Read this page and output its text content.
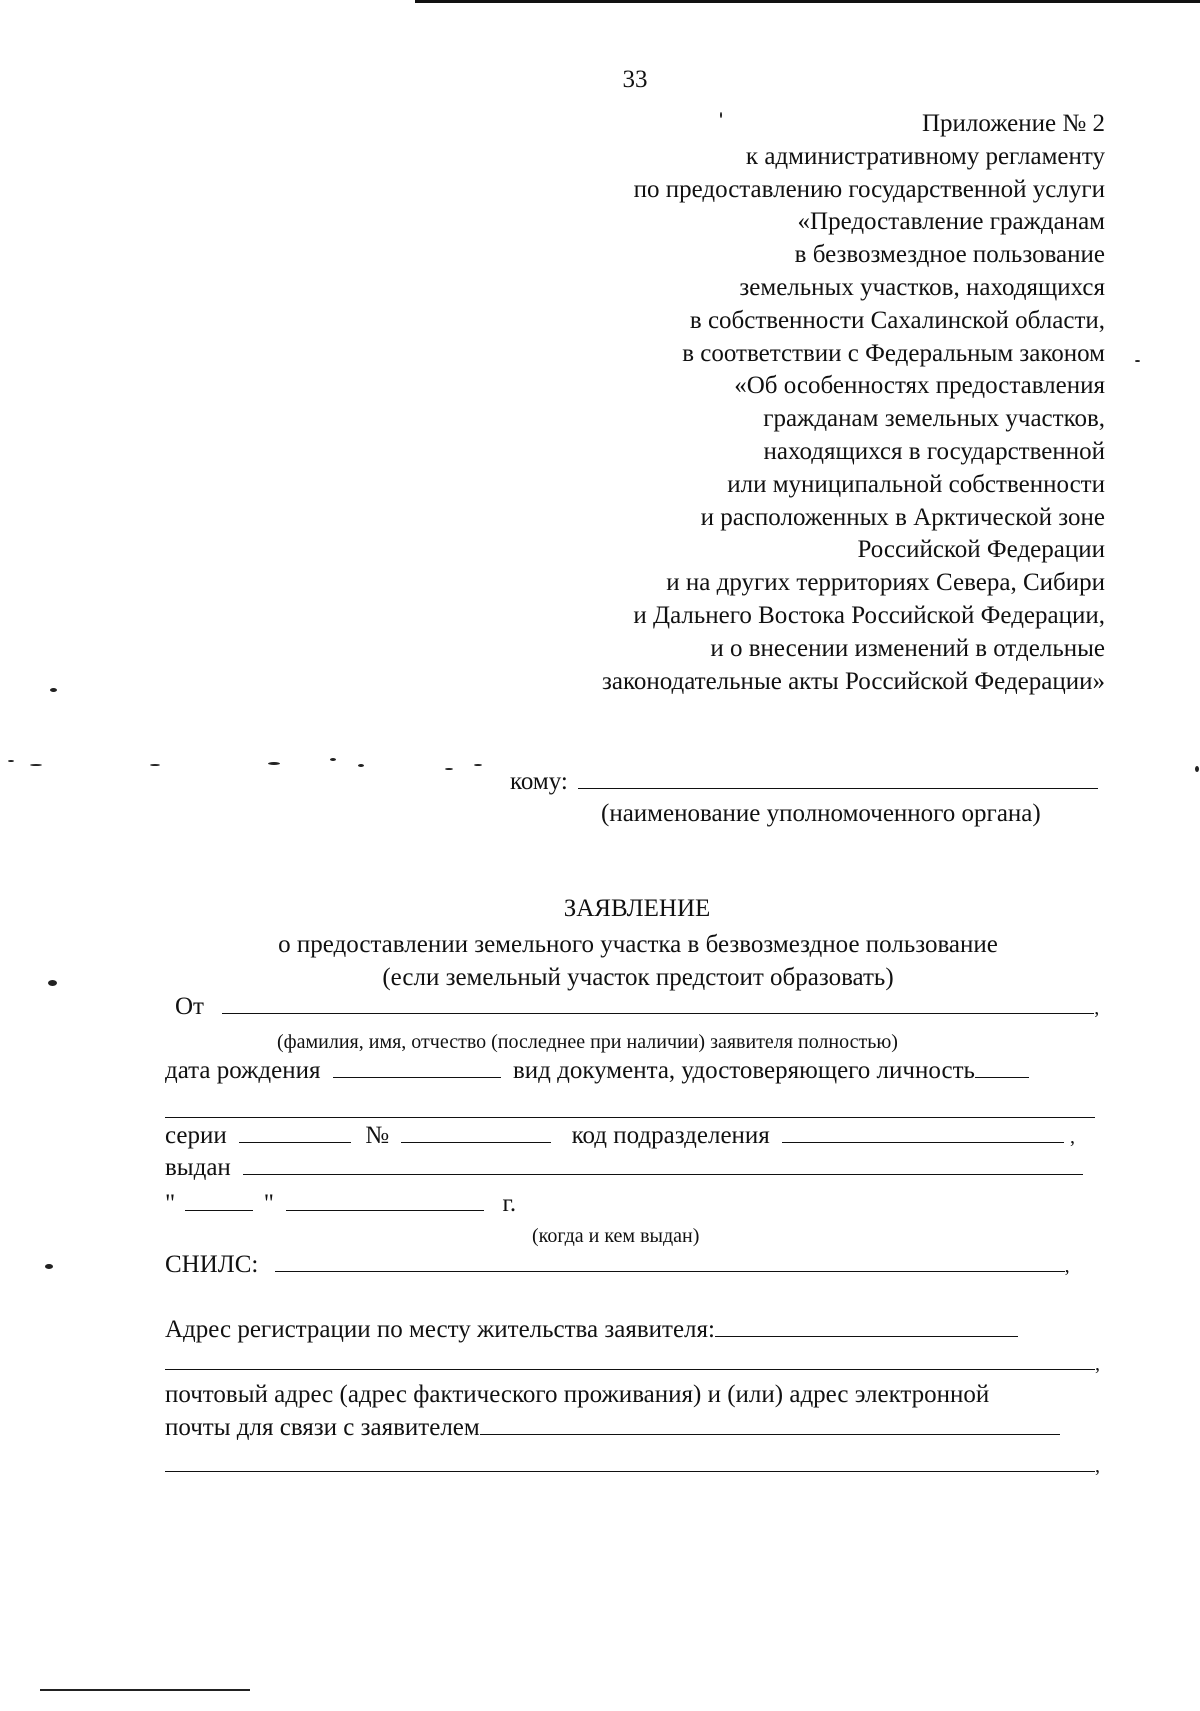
33
Приложение № 2
к административному регламенту
по предоставлению государственной услуги
«Предоставление гражданам
в безвозмездное пользование
земельных участков, находящихся
в собственности Сахалинской области,
в соответствии с Федеральным законом
«Об особенностях предоставления
гражданам земельных участков,
находящихся в государственной
или муниципальной собственности
и расположенных в Арктической зоне
Российской Федерации
и на других территориях Севера, Сибири
и Дальнего Востока Российской Федерации,
и о внесении изменений в отдельные
законодательные акты Российской Федерации»
кому:
(наименование уполномоченного органа)
ЗАЯВЛЕНИЕ
о предоставлении земельного участка в безвозмездное пользование
(если земельный участок предстоит образовать)
От	,
(фамилия, имя, отчество (последнее при наличии) заявителя полностью)
дата рождения	вид документа, удостоверяющего личность
серии	№	код подразделения	,
выдан
"	"	г.
(когда и кем выдан)
СНИЛС:	,
Адрес регистрации по месту жительства заявителя:
,
почтовый адрес (адрес фактического проживания) и (или) адрес электронной
почты для связи с заявителем
,
